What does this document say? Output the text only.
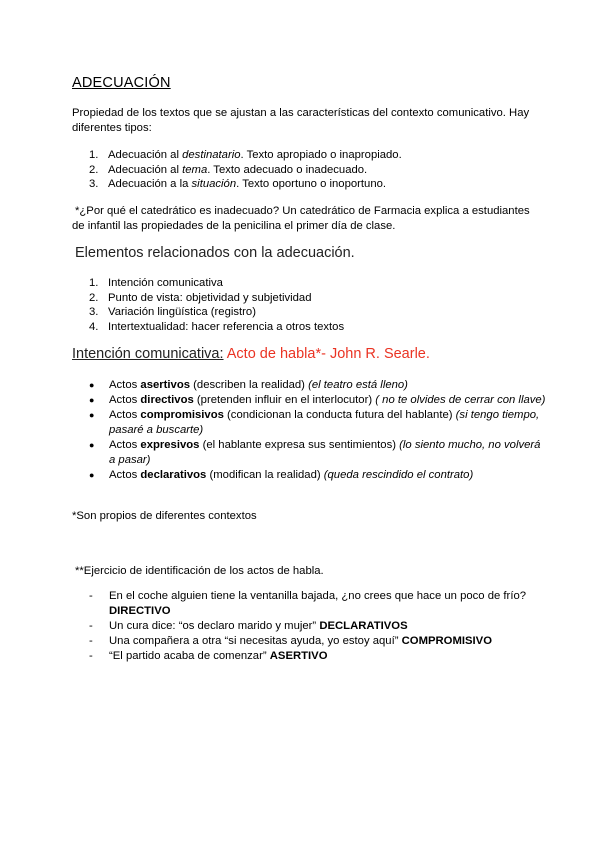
ADECUACIÓN
Propiedad de los textos que se ajustan a las características del contexto comunicativo. Hay
diferentes tipos:
1. Adecuación al destinatario. Texto apropiado o inapropiado.
2. Adecuación al tema. Texto adecuado o inadecuado.
3. Adecuación a la situación. Texto oportuno o inoportuno.
*¿Por qué el catedrático es inadecuado? Un catedrático de Farmacia explica a estudiantes
de infantil las propiedades de la penicilina el primer día de clase.
Elementos relacionados con la adecuación.
1. Intención comunicativa
2. Punto de vista: objetividad y subjetividad
3. Variación lingüística (registro)
4. Intertextualidad: hacer referencia a otros textos
Intención comunicativa: Acto de habla*- John R. Searle.
●	Actos asertivos (describen la realidad) (el teatro está lleno)
●	Actos directivos (pretenden influir en el interlocutor) ( no te olvides de cerrar con llave)
●	Actos compromisivos (condicionan la conducta futura del hablante) (si tengo tiempo, pasaré a buscarte)
●	Actos expresivos (el hablante expresa sus sentimientos) (lo siento mucho, no volverá a pasar)
●	Actos declarativos (modifican la realidad) (queda rescindido el contrato)
*Son propios de diferentes contextos
**Ejercicio de identificación de los actos de habla.
-	En el coche alguien tiene la ventanilla bajada, ¿no crees que hace un poco de frío? DIRECTIVO
-	Un cura dice: “os declaro marido y mujer” DECLARATIVOS
-	Una compañera a otra “si necesitas ayuda, yo estoy aquí” COMPROMISIVO
-	“El partido acaba de comenzar” ASERTIVO
